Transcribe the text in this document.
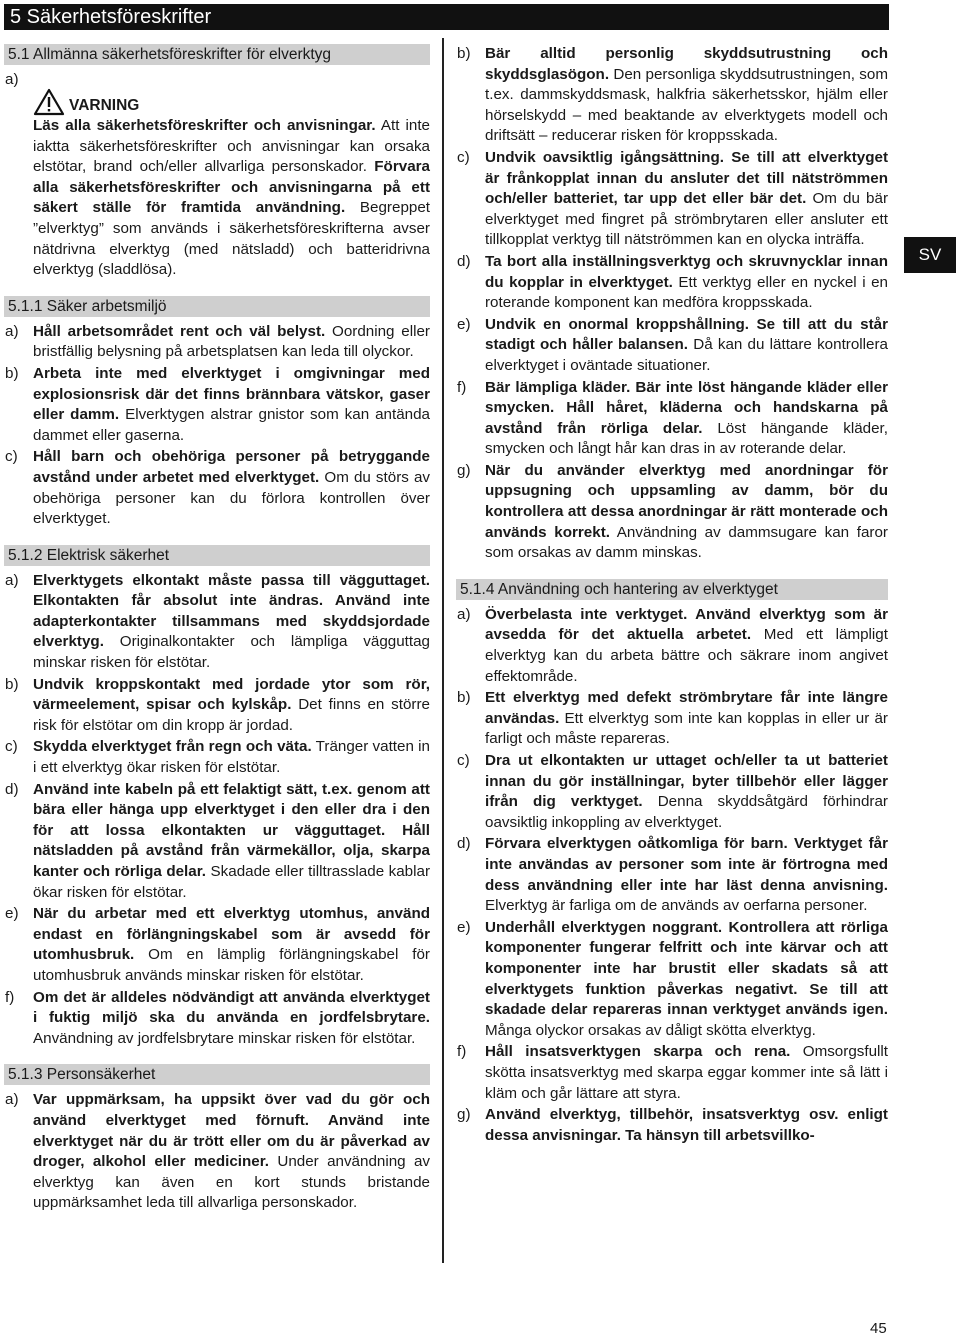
5 Säkerhetsföreskrifter
SV
5.1 Allmänna säkerhetsföreskrifter för elverktyg
a)
VARNING
Läs alla säkerhetsföreskrifter och anvisningar. Att inte iaktta säkerhetsföreskrifter och anvisningar kan orsaka elstötar, brand och/eller allvarliga personskador. Förvara alla säkerhetsföreskrifter och anvisningarna på ett säkert ställe för framtida användning. Begreppet ”elverktyg” som används i säkerhetsföreskrifterna avser nätdrivna elverktyg (med nätsladd) och batteridrivna elverktyg (sladdlösa).
5.1.1 Säker arbetsmiljö
a) Håll arbetsområdet rent och väl belyst. Oordning eller bristfällig belysning på arbetsplatsen kan leda till olyckor.
b) Arbeta inte med elverktyget i omgivningar med explosionsrisk där det finns brännbara vätskor, gaser eller damm. Elverktygen alstrar gnistor som kan antända dammet eller gaserna.
c)	Håll barn och obehöriga personer på betryggande avstånd under arbetet med elverktyget. Om du störs av obehöriga personer kan du förlora kontrollen över elverktyget.
5.1.2 Elektrisk säkerhet
a) Elverktygets elkontakt måste passa till vägguttaget. Elkontakten får absolut inte ändras. Använd inte adapterkontakter tillsammans med skyddsjordade elverktyg. Originalkontakter och lämpliga vägguttag minskar risken för elstötar.
b) Undvik kroppskontakt med jordade ytor som rör, värmeelement, spisar och kylskåp. Det finns en större risk för elstötar om din kropp är jordad.
c)	Skydda elverktyget från regn och väta. Tränger vatten in i ett elverktyg ökar risken för elstötar.
d) Använd inte kabeln på ett felaktigt sätt, t.ex. genom att bära eller hänga upp elverktyget i den eller dra i den för att lossa elkontakten ur vägguttaget. Håll nätsladden på avstånd från värmekällor, olja, skarpa kanter och rörliga delar. Skadade eller tilltrasslade kablar ökar risken för elstötar.
e) När du arbetar med ett elverktyg utomhus, använd endast en förlängningskabel som är avsedd för utomhusbruk. Om en lämplig förlängningskabel för utomhusbruk används minskar risken för elstötar.
f)	Om det är alldeles nödvändigt att använda elverktyget i fuktig miljö ska du använda en jordfelsbrytare. Användning av jordfelsbrytare minskar risken för elstötar.
5.1.3 Personsäkerhet
a) Var uppmärksam, ha uppsikt över vad du gör och använd elverktyget med förnuft. Använd inte elverktyget när du är trött eller om du är påverkad av droger, alkohol eller mediciner. Under användning av elverktyg kan även en kort stunds bristande uppmärksamhet leda till allvarliga personskador.
b) Bär alltid personlig skyddsutrustning och skyddsglasögon. Den personliga skyddsutrustningen, som t.ex. dammskyddsmask, halkfria säkerhetsskor, hjälm eller hörselskydd – med beaktande av elverktygets modell och driftsätt – reducerar risken för kroppsskada.
c)	Undvik oavsiktlig igångsättning. Se till att elverktyget är frånkopplat innan du ansluter det till nätströmmen och/eller batteriet, tar upp det eller bär det. Om du bär elverktyget med fingret på strömbrytaren eller ansluter ett tillkopplat verktyg till nätströmmen kan en olycka inträffa.
d) Ta bort alla inställningsverktyg och skruvnycklar innan du kopplar in elverktyget. Ett verktyg eller en nyckel i en roterande komponent kan medföra kroppsskada.
e) Undvik en onormal kroppshållning. Se till att du står stadigt och håller balansen. Då kan du lättare kontrollera elverktyget i oväntade situationer.
f)	Bär lämpliga kläder. Bär inte löst hängande kläder eller smycken. Håll håret, kläderna och handskarna på avstånd från rörliga delar. Löst hängande kläder, smycken och långt hår kan dras in av roterande delar.
g) När du använder elverktyg med anordningar för uppsugning och uppsamling av damm, bör du kontrollera att dessa anordningar är rätt monterade och används korrekt. Användning av dammsugare kan faror som orsakas av damm minskas.
5.1.4 Användning och hantering av elverktyget
a) Överbelasta inte verktyget. Använd elverktyg som är avsedda för det aktuella arbetet. Med ett lämpligt elverktyg kan du arbeta bättre och säkrare inom angivet effektområde.
b) Ett elverktyg med defekt strömbrytare får inte längre användas. Ett elverktyg som inte kan kopplas in eller ur är farligt och måste repareras.
c)	Dra ut elkontakten ur uttaget och/eller ta ut batteriet innan du gör inställningar, byter tillbehör eller lägger ifrån dig verktyget. Denna skyddsåtgärd förhindrar oavsiktlig inkoppling av elverktyget.
d) Förvara elverktygen oåtkomliga för barn. Verktyget får inte användas av personer som inte är förtrogna med dess användning eller inte har läst denna anvisning. Elverktyg är farliga om de används av oerfarna personer.
e) Underhåll elverktygen noggrant. Kontrollera att rörliga komponenter fungerar felfritt och inte kärvar och att komponenter inte har brustit eller skadats så att elverktygets funktion påverkas negativt. Se till att skadade delar repareras innan verktyget används igen. Många olyckor orsakas av dåligt skötta elverktyg.
f)	Håll insatsverktygen skarpa och rena. Omsorgsfullt skötta insatsverktyg med skarpa eggar kommer inte så lätt i kläm och går lättare att styra.
g) Använd elverktyg, tillbehör, insatsverktyg osv. enligt dessa anvisningar. Ta hänsyn till arbetsvillko-
45
